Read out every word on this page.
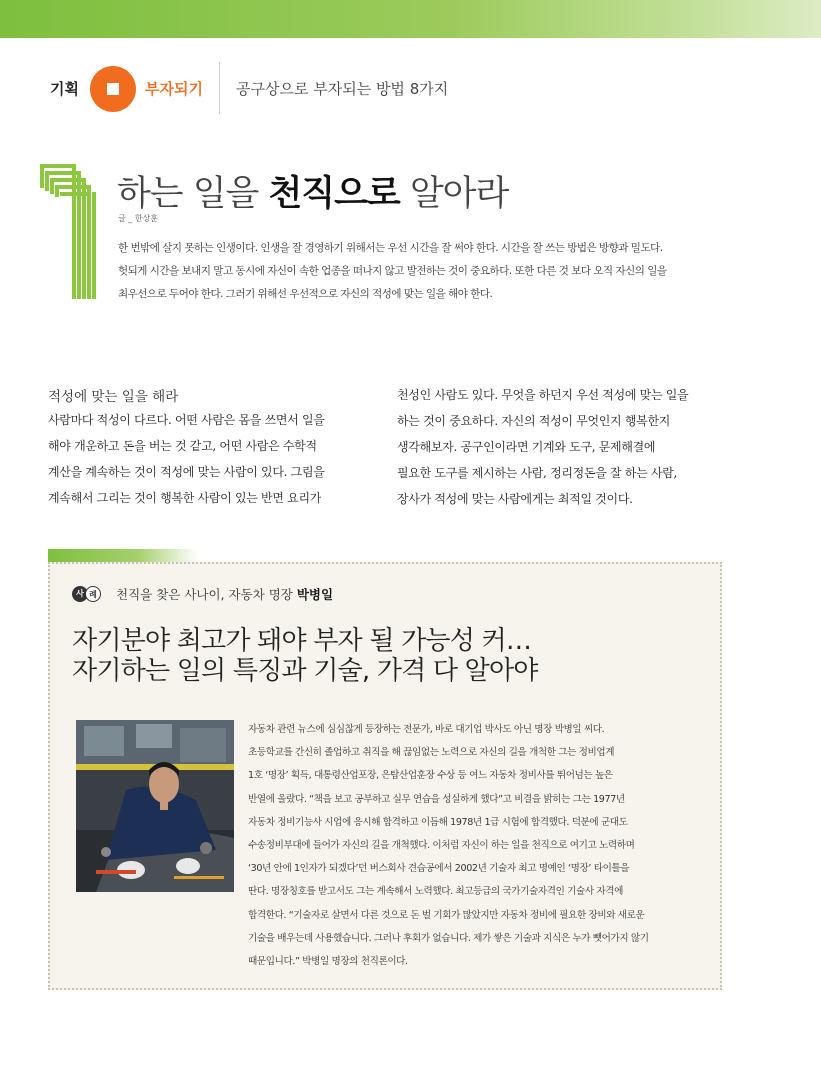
기획	부자되기 공구상으로 부자되는 방법 8가지
하는 일을 천직으로 알아라
글 _ 한상훈
한 번밖에 살지 못하는 인생이다. 인생을 잘 경영하기 위해서는 우선 시간을 잘 써야 한다. 시간을 잘 쓰는 방법은 방향과 밀도다.
헛되게 시간을 보내지 말고 동시에 자신이 속한 업종을 떠나지 않고 발전하는 것이 중요하다. 또한 다른 것 보다 오직 자신의 일을
최우선으로 두어야 한다. 그러기 위해선 우선적으로 자신의 적성에 맞는 일을 해야 한다.
적성에 맞는 일을 해라
사람마다 적성이 다르다. 어떤 사람은 몸을 쓰면서 일을
해야 개운하고 돈을 버는 것 같고, 어떤 사람은 수학적
계산을 계속하는 것이 적성에 맞는 사람이 있다. 그림을
계속해서 그리는 것이 행복한 사람이 있는 반면 요리가
천성인 사람도 있다. 무엇을 하던지 우선 적성에 맞는 일을
하는 것이 중요하다. 자신의 적성이 무엇인지 행복한지
생각해보자. 공구인이라면 기계와 도구, 문제해결에
필요한 도구를 제시하는 사람, 정리정돈을 잘 하는 사람,
장사가 적성에 맞는 사람에게는 최적일 것이다.
사 례	천직을 찾은 사나이, 자동차 명장 박병일
자기분야 최고가 돼야 부자 될 가능성 커…
자기하는 일의 특징과 기술, 가격 다 알아야
자동차 관련 뉴스에 심심찮게 등장하는 전문가, 바로 대기업 박사도 아닌 명장 박병일 씨다.
초등학교를 간신히 졸업하고 취직을 해 끊임없는 노력으로 자신의 길을 개척한 그는 정비업계
1호 ‘명장’ 획득, 대통령산업포장, 은탑산업훈장 수상 등 여느 자동차 정비사를 뛰어넘는 높은
반열에 올랐다. “책을 보고 공부하고 실무 연습을 성실하게 했다”고 비결을 밝히는 그는 1977년
자동차 정비기능사 시업에 응시해 합격하고 이듬해 1978년 1급 시험에 합격했다. 덕분에 군대도
수송정비부대에 들어가 자신의 길을 개척했다. 이처럼 자신이 하는 일을 천직으로 여기고 노력하며
‘30년 안에 1인자가 되겠다’던 버스회사 견습공에서 2002년 기술자 최고 명예인 ‘명장’ 타이틀을
딴다. 명장칭호를 받고서도 그는 계속해서 노력했다. 최고등급의 국가기술자격인 기술사 자격에
합격한다. “기술자로 살면서 다른 것으로 돈 벌 기회가 많았지만 자동차 정비에 필요한 장비와 새로운
기술을 배우는데 사용했습니다. 그러나 후회가 없습니다. 제가 쌓은 기술과 지식은 누가 뺏어가지 않기
때문입니다.” 박병일 명장의 천직론이다.
